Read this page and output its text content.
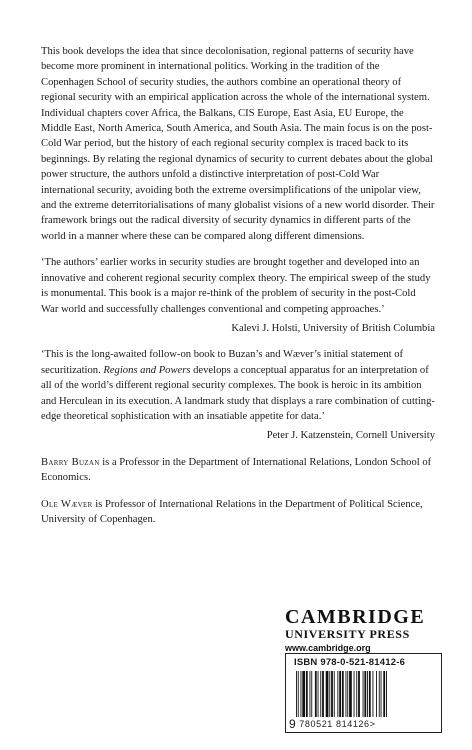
This book develops the idea that since decolonisation, regional patterns of security have become more prominent in international politics. Working in the tradition of the Copenhagen School of security studies, the authors combine an operational theory of regional security with an empirical application across the whole of the international system. Individual chapters cover Africa, the Balkans, CIS Europe, East Asia, EU Europe, the Middle East, North America, South America, and South Asia. The main focus is on the post-Cold War period, but the history of each regional security complex is traced back to its beginnings. By relating the regional dynamics of security to current debates about the global power structure, the authors unfold a distinctive interpretation of post-Cold War international security, avoiding both the extreme oversimplifications of the unipolar view, and the extreme deterritorialisations of many globalist visions of a new world disorder. Their framework brings out the radical diversity of security dynamics in different parts of the world in a manner where these can be compared along different dimensions.

‘The authors’ earlier works in security studies are brought together and developed into an innovative and coherent regional security complex theory. The empirical sweep of the study is monumental. This book is a major re-think of the problem of security in the post-Cold War world and successfully challenges conventional and competing approaches.’

Kalevi J. Holsti, University of British Columbia

‘This is the long-awaited follow-on book to Buzan’s and Wæver’s initial statement of securitization. Regions and Powers develops a conceptual apparatus for an interpretation of all of the world’s different regional security complexes. The book is heroic in its ambition and Herculean in its execution. A landmark study that displays a rare combination of cutting-edge theoretical sophistication with an insatiable appetite for data.’

Peter J. Katzenstein, Cornell University

Barry Buzan is a Professor in the Department of International Relations, London School of Economics.

Ole Wæver is Professor of International Relations in the Department of Political Science, University of Copenhagen.

CAMBRIDGE
UNIVERSITY PRESS
www.cambridge.org
ISBN 978-0-521-81412-6
9 780521 814126>
